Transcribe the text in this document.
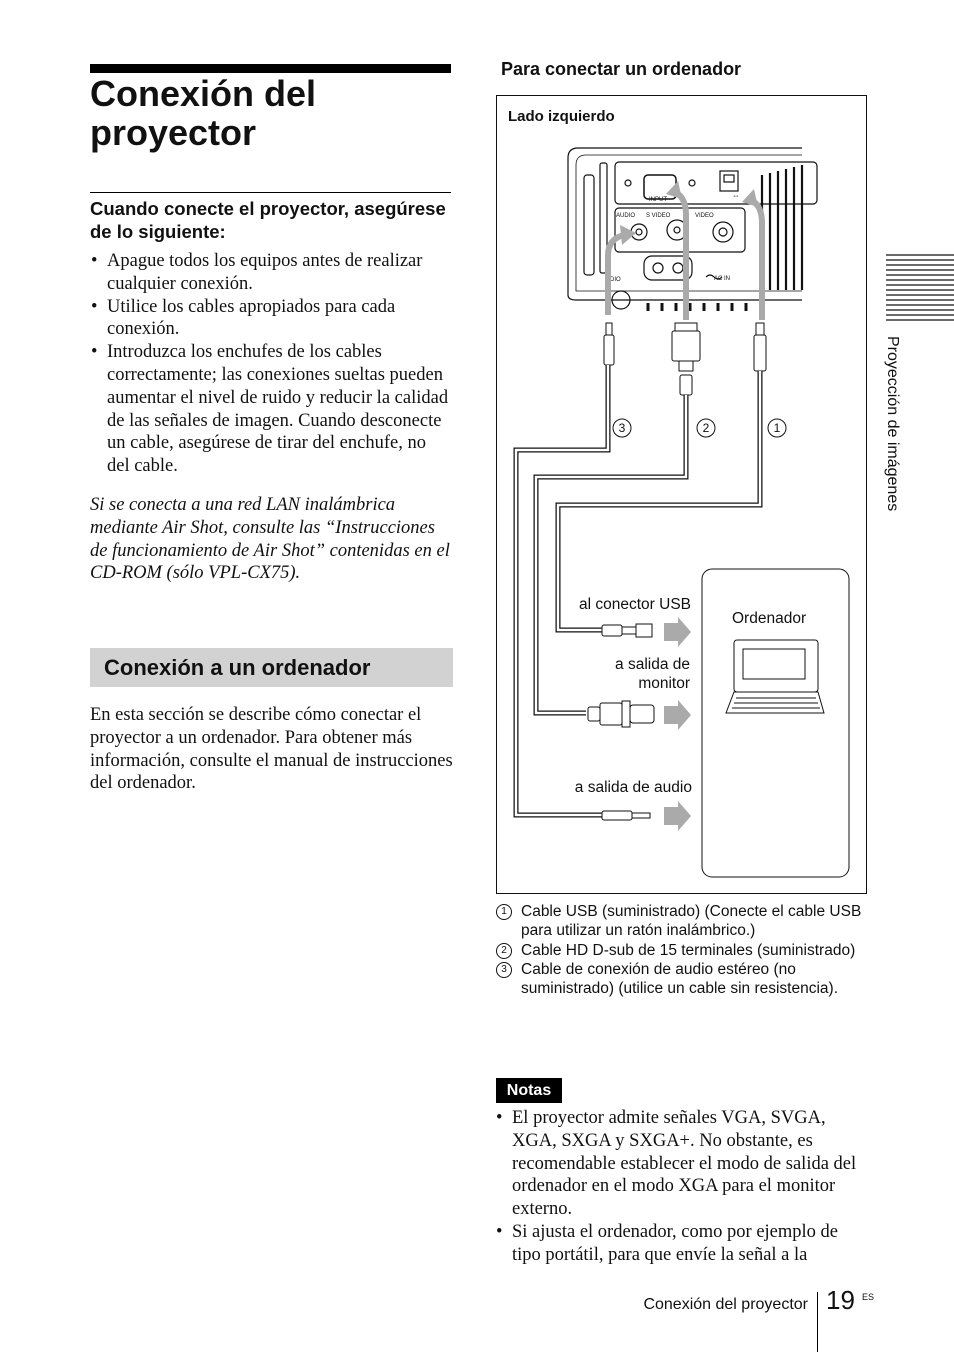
Conexión del proyector
Cuando conecte el proyector, asegúrese de lo siguiente:
• Apague todos los equipos antes de realizar cualquier conexión.
• Utilice los cables apropiados para cada conexión.
• Introduzca los enchufes de los cables correctamente; las conexiones sueltas pueden aumentar el nivel de ruido y reducir la calidad de las señales de imagen. Cuando desconecte un cable, asegúrese de tirar del enchufe, no del cable.

Si se conecta a una red LAN inalámbrica mediante Air Shot, consulte las “Instrucciones de funcionamiento de Air Shot” contenidas en el CD-ROM (sólo VPL-CX75).

Conexión a un ordenador

En esta sección se describe cómo conectar el proyector a un ordenador. Para obtener más información, consulte el manual de instrucciones del ordenador.

Para conectar un ordenador
INPUT
AUDIO S VIDEO	VIDEO
DIO	AC IN
⇔
3	2	1
Lado izquierdo
al conector USB
a salida de monitor
a salida de audio
Ordenador
1 Cable USB (suministrado) (Conecte el cable USB para utilizar un ratón inalámbrico.)
2 Cable HD D-sub de 15 terminales (suministrado)
3 Cable de conexión de audio estéreo (no suministrado) (utilice un cable sin resistencia).
Notas
• El proyector admite señales VGA, SVGA, XGA, SXGA y SXGA+. No obstante, es recomendable establecer el modo de salida del ordenador en el modo XGA para el monitor externo.
• Si ajusta el ordenador, como por ejemplo de tipo portátil, para que envíe la señal a la
Proyección de imágenes
Conexión del proyector 19 ES
